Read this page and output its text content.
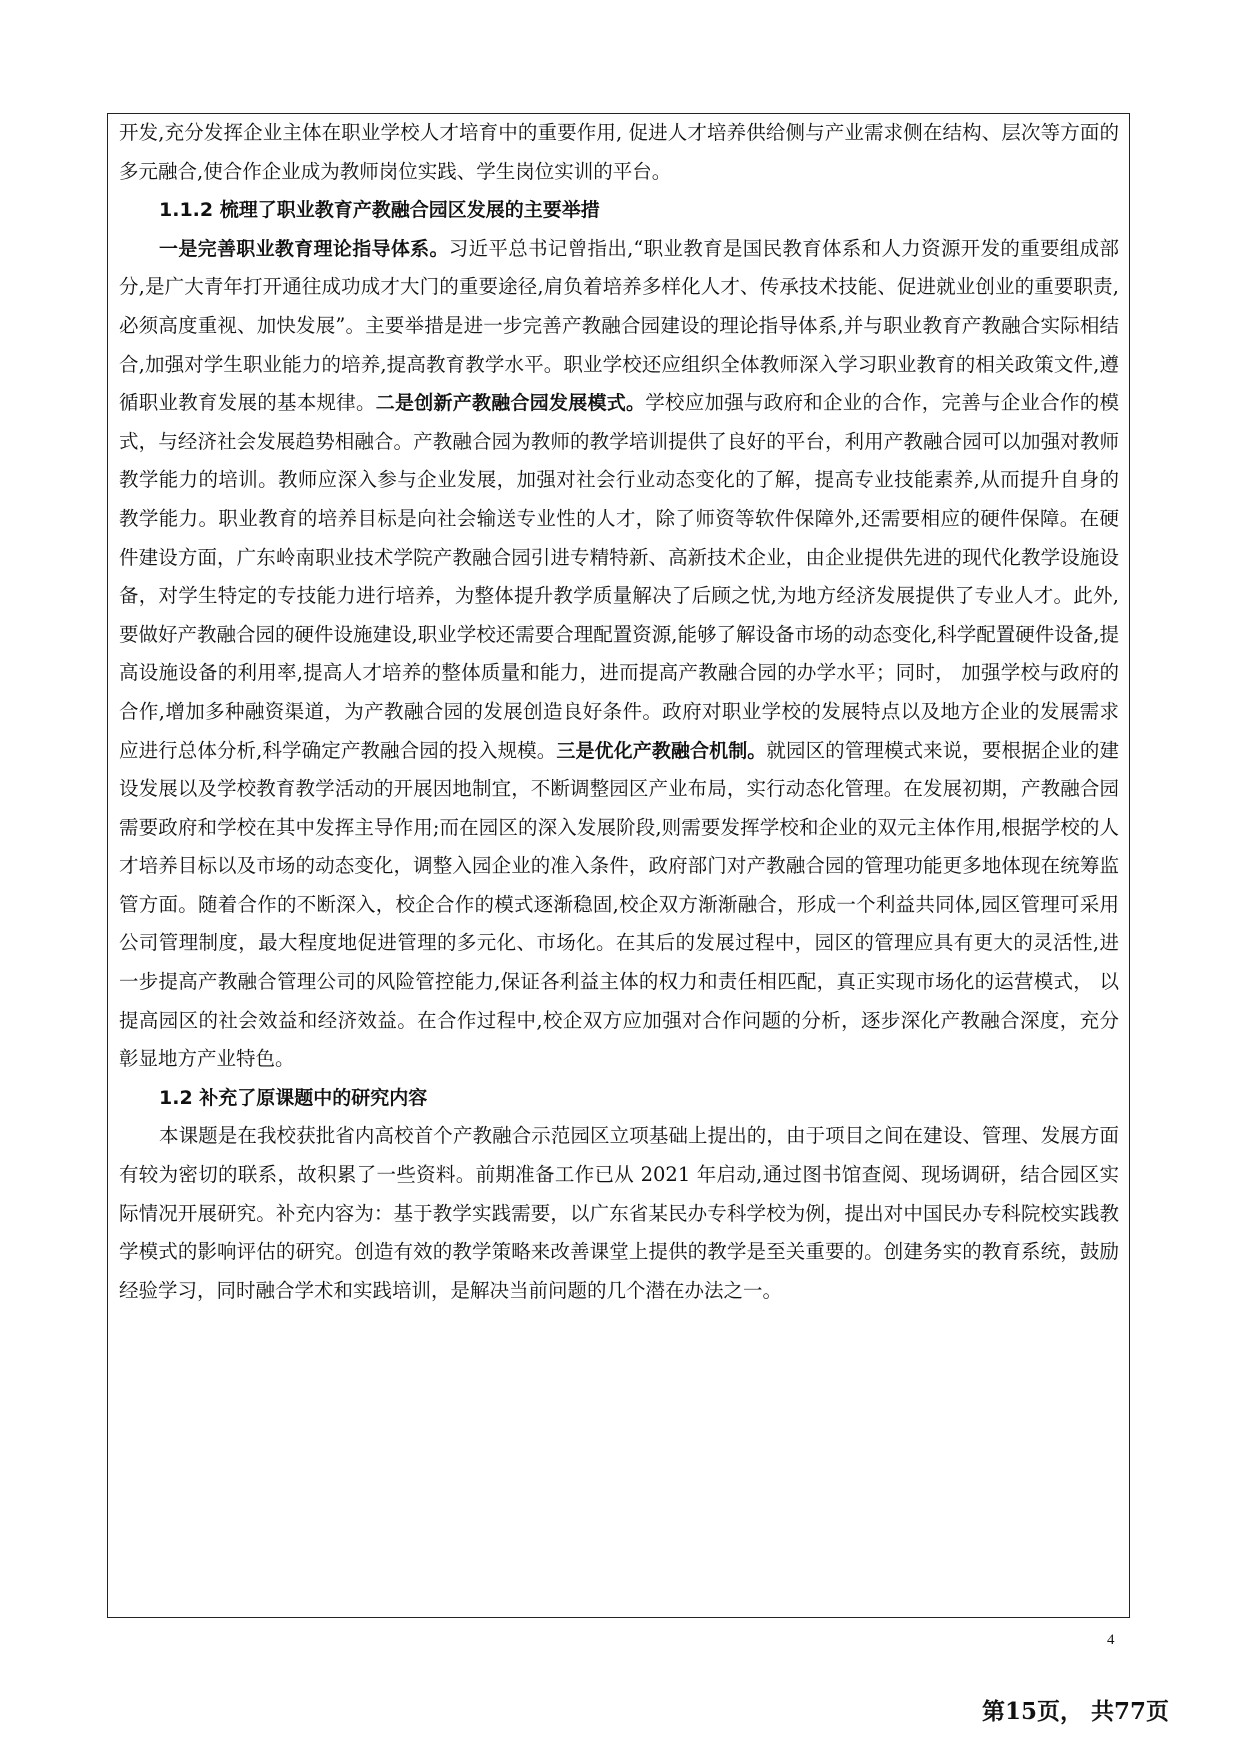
开发,充分发挥企业主体在职业学校人才培育中的重要作用, 促进人才培养供给侧与产业需求侧在结构、层次等方面的多元融合,使合作企业成为教师岗位实践、学生岗位实训的平台。

1.1.2 梳理了职业教育产教融合园区发展的主要举措

一是完善职业教育理论指导体系。习近平总书记曾指出,“职业教育是国民教育体系和人力资源开发的重要组成部分,是广大青年打开通往成功成才大门的重要途径,肩负着培养多样化人才、传承技术技能、促进就业创业的重要职责,必须高度重视、加快发展”。主要举措是进一步完善产教融合园建设的理论指导体系,并与职业教育产教融合实际相结合,加强对学生职业能力的培养,提高教育教学水平。职业学校还应组织全体教师深入学习职业教育的相关政策文件,遵循职业教育发展的基本规律。二是创新产教融合园发展模式。学校应加强与政府和企业的合作，完善与企业合作的模式，与经济社会发展趋势相融合。产教融合园为教师的教学培训提供了良好的平台，利用产教融合园可以加强对教师教学能力的培训。教师应深入参与企业发展，加强对社会行业动态变化的了解，提高专业技能素养,从而提升自身的教学能力。职业教育的培养目标是向社会输送专业性的人才，除了师资等软件保障外,还需要相应的硬件保障。在硬件建设方面，广东岭南职业技术学院产教融合园引进专精特新、高新技术企业，由企业提供先进的现代化教学设施设备，对学生特定的专技能力进行培养，为整体提升教学质量解决了后顾之忧,为地方经济发展提供了专业人才。此外,要做好产教融合园的硬件设施建设,职业学校还需要合理配置资源,能够了解设备市场的动态变化,科学配置硬件设备,提高设施设备的利用率,提高人才培养的整体质量和能力，进而提高产教融合园的办学水平；同时， 加强学校与政府的合作,增加多种融资渠道，为产教融合园的发展创造良好条件。政府对职业学校的发展特点以及地方企业的发展需求应进行总体分析,科学确定产教融合园的投入规模。三是优化产教融合机制。就园区的管理模式来说，要根据企业的建设发展以及学校教育教学活动的开展因地制宜，不断调整园区产业布局，实行动态化管理。在发展初期，产教融合园需要政府和学校在其中发挥主导作用;而在园区的深入发展阶段,则需要发挥学校和企业的双元主体作用,根据学校的人才培养目标以及市场的动态变化，调整入园企业的准入条件，政府部门对产教融合园的管理功能更多地体现在统筹监管方面。随着合作的不断深入，校企合作的模式逐渐稳固,校企双方渐渐融合，形成一个利益共同体,园区管理可采用公司管理制度，最大程度地促进管理的多元化、市场化。在其后的发展过程中，园区的管理应具有更大的灵活性,进一步提高产教融合管理公司的风险管控能力,保证各利益主体的权力和责任相匹配，真正实现市场化的运营模式， 以提高园区的社会效益和经济效益。在合作过程中,校企双方应加强对合作问题的分析，逐步深化产教融合深度，充分彰显地方产业特色。

1.2 补充了原课题中的研究内容

本课题是在我校获批省内高校首个产教融合示范园区立项基础上提出的，由于项目之间在建设、管理、发展方面有较为密切的联系，故积累了一些资料。前期准备工作已从 2021 年启动,通过图书馆查阅、现场调研，结合园区实际情况开展研究。补充内容为：基于教学实践需要，以广东省某民办专科学校为例，提出对中国民办专科院校实践教学模式的影响评估的研究。创造有效的教学策略来改善课堂上提供的教学是至关重要的。创建务实的教育系统，鼓励经验学习，同时融合学术和实践培训，是解决当前问题的几个潜在办法之一。

4
第15页， 共77页
